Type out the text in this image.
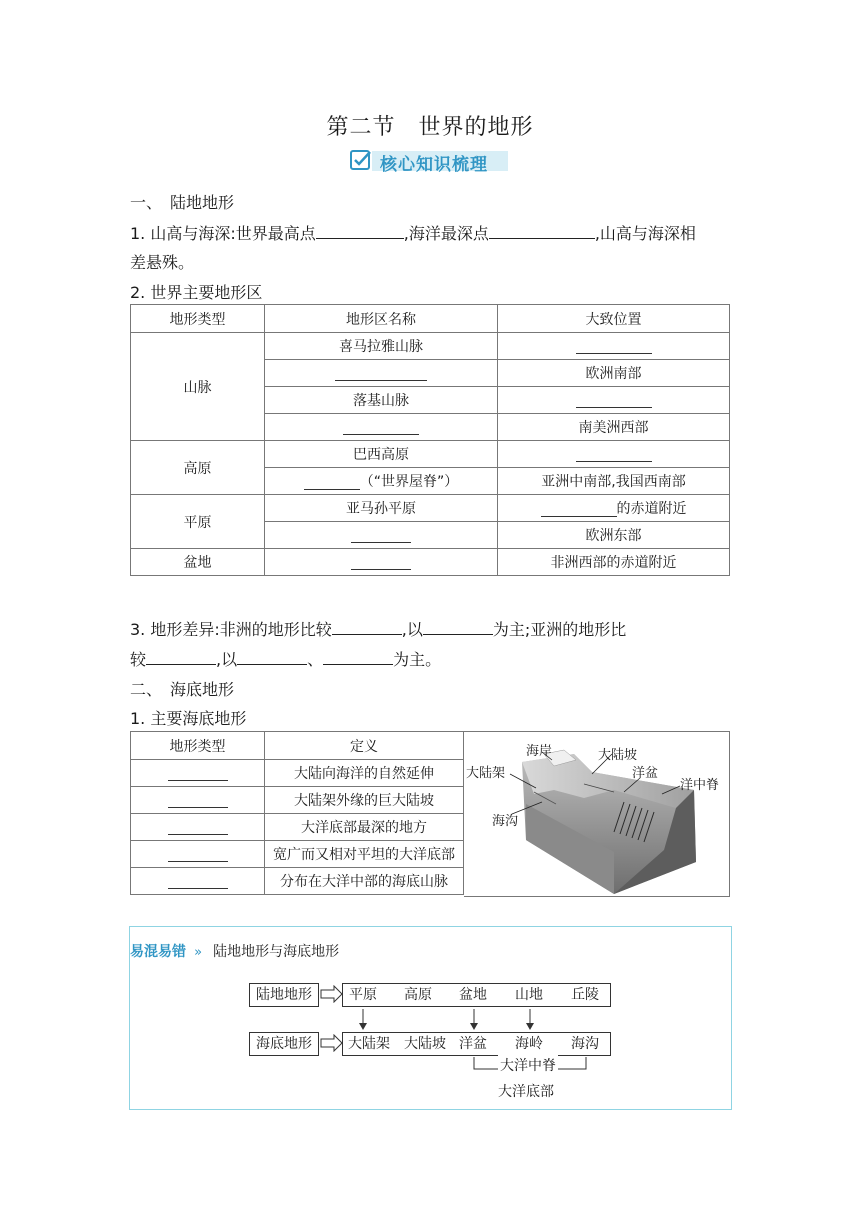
第二节　世界的地形
核心知识梳理
一、　陆地地形
1. 山高与海深:世界最高点	,海洋最深点	,山高与海深相
差悬殊。
2. 世界主要地形区
地形类型	地形区名称	大致位置
山脉	喜马拉雅山脉	
		欧洲南部
	落基山脉	
		南美洲西部
高原	巴西高原	
	（“世界屋脊”）	亚洲中南部,我国西南部
平原	亚马孙平原	的赤道附近
		欧洲东部
盆地		非洲西部的赤道附近
3. 地形差异:非洲的地形比较	,以	为主;亚洲的地形比
较	,以	、	为主。
二、　海底地形
1. 主要海底地形
地形类型	定义
	大陆向海洋的自然延伸
	大陆架外缘的巨大陆坡
	大洋底部最深的地方
	宽广而又相对平坦的大洋底部
	分布在大洋中部的海底山脉
海岸	大陆坡
大陆架	洋盆
洋中脊
海沟
易混易错 » 陆地地形与海底地形
陆地地形	平原 高原 盆地 山地 丘陵
海底地形	大陆架 大陆坡 洋盆 海岭 海沟
大洋中脊
大洋底部
